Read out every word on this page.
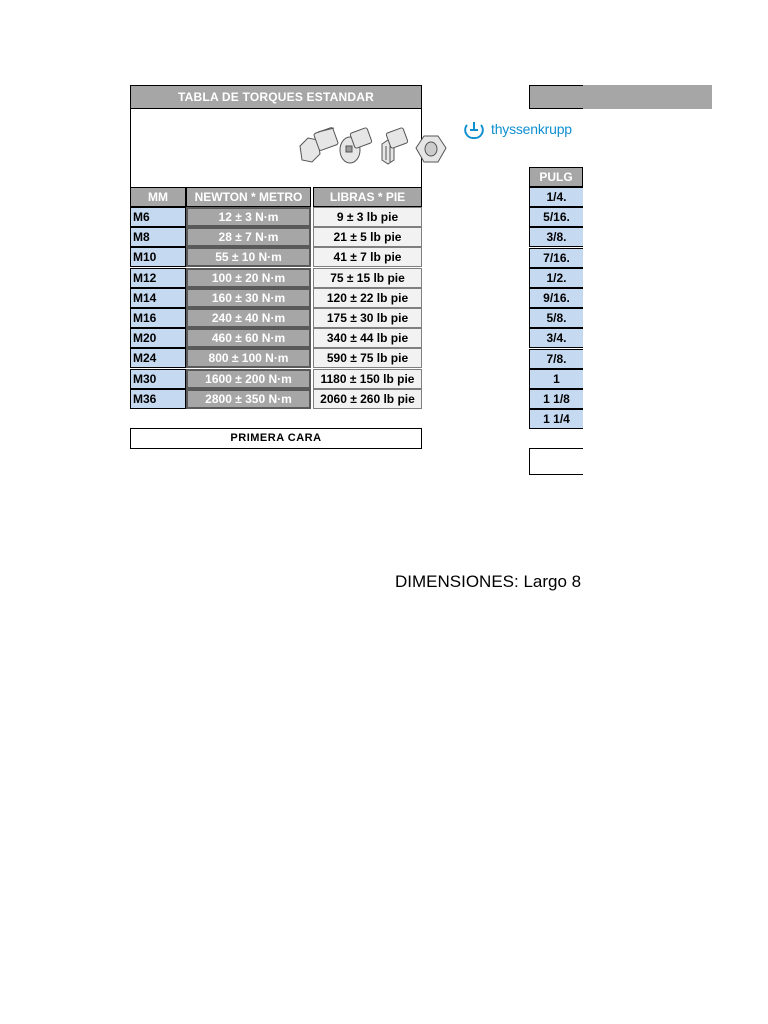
TABLA DE TORQUES ESTANDAR
MM	NEWTON * METRO	LIBRAS * PIE
M6	12 ± 3 N·m	9 ± 3 lb pie
M8	28 ± 7 N·m	21 ± 5 lb pie
M10	55 ± 10 N·m	41 ± 7 lb pie
M12	100 ± 20 N·m	75 ± 15 lb pie
M14	160 ± 30 N·m	120 ± 22 lb pie
M16	240 ± 40 N·m	175 ± 30 lb pie
M20	460 ± 60 N·m	340 ± 44 lb pie
M24	800 ± 100 N·m	590 ± 75 lb pie
M30	1600 ± 200 N·m	1180 ± 150 lb pie
M36	2800 ± 350 N·m	2060 ± 260 lb pie
PRIMERA CARA
thyssenkrupp
PULG
1/4.
5/16.
3/8.
7/16.
1/2.
9/16.
5/8.
3/4.
7/8.
1
1 1/8
1 1/4
DIMENSIONES: Largo 8
